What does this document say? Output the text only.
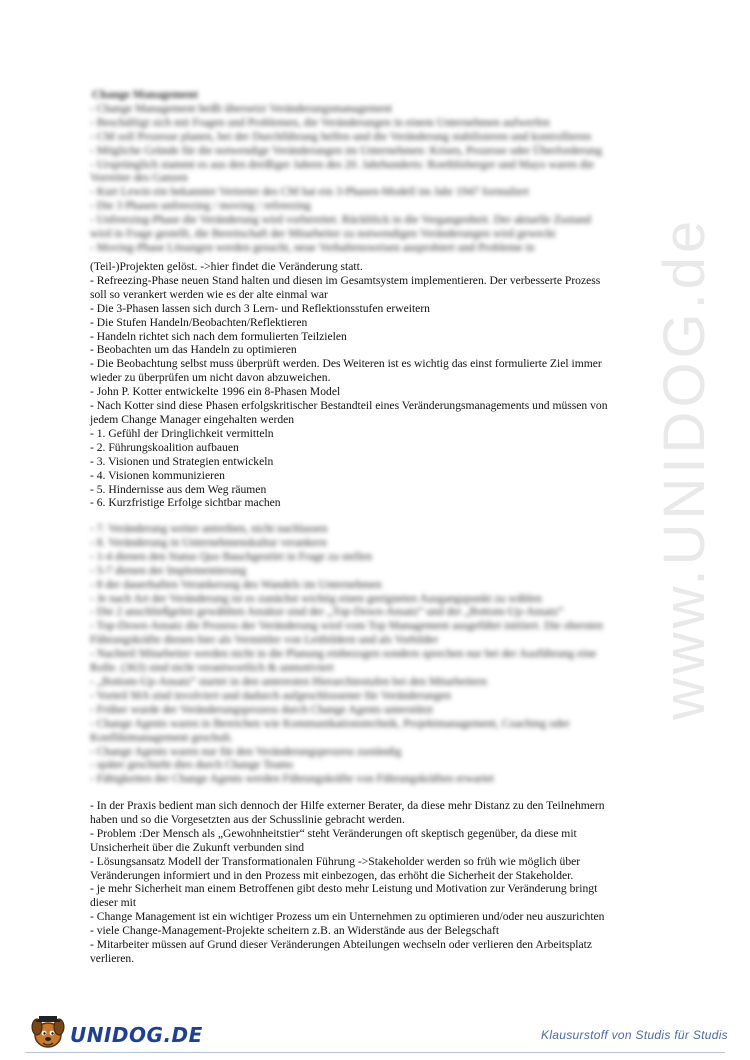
www.UNIDOG.de

Change Management

- Change Management heißt übersetzt Veränderungsmanagement

- Beschäftigt sich mit Fragen und Problemen, die Veränderungen in einem Unternehmen aufwerfen

- CM soll Prozesse planen, bei der Durchführung helfen und die Veränderung stabilisieren und kontrollieren

- Mögliche Gründe für die notwendige Veränderungen im Unternehmen: Krisen, Prozesse oder Überforderung

- Ursprünglich stammt es aus den dreißiger Jahren des 20. Jahrhunderts: Roethlisberger und Mayo waren die

Vorreiter des Ganzen

- Kurt Lewin ein bekannter Vertreter des CM hat ein 3-Phasen-Modell im Jahr 1947 formuliert

- Die 3 Phasen unfreezing / moving / refreezing

- Unfreezing-Phase die Veränderung wird vorbereitet. Rückblick in die Vergangenheit. Der aktuelle Zustand

wird in Frage gestellt, die Bereitschaft der Mitarbeiter zu notwendigen Veränderungen wird geweckt

- Moving-Phase Lösungen werden gesucht, neue Verhaltensweisen ausprobiert und Probleme in

(Teil-)Projekten gelöst. ->hier findet die Veränderung statt.

- Refreezing-Phase neuen Stand halten und diesen im Gesamtsystem implementieren. Der verbesserte Prozess

soll so verankert werden wie es der alte einmal war

- Die 3-Phasen lassen sich durch 3 Lern- und Reflektionsstufen erweitern

- Die Stufen Handeln/Beobachten/Reflektieren

- Handeln richtet sich nach dem formulierten Teilzielen

- Beobachten um das Handeln zu optimieren

- Die Beobachtung selbst muss überprüft werden. Des Weiteren ist es wichtig das einst formulierte Ziel immer

wieder zu überprüfen um nicht davon abzuweichen.

- John P. Kotter entwickelte 1996 ein 8-Phasen Model

- Nach Kotter sind diese Phasen erfolgskritischer Bestandteil eines Veränderungsmanagements und müssen von

jedem Change Manager eingehalten werden

- 1. Gefühl der Dringlichkeit vermitteln

- 2. Führungskoalition aufbauen

- 3. Visionen und Strategien entwickeln

- 4. Visionen kommunizieren

- 5. Hindernisse aus dem Weg räumen

- 6. Kurzfristige Erfolge sichtbar machen

- 7. Veränderung weiter antreiben, nicht nachlassen

- 8. Veränderung in Unternehmenskultur verankern

- 1-4 dienen den Status Quo Bauchgestört in Frage zu stellen

- 5-7 dienen der Implementierung

- 8 der dauerhaften Verankerung des Wandels im Unternehmen

- Je nach Art der Veränderung ist es zunächst wichtig einen geeigneten Ausgangspunkt zu wählen

- Die 2 anschließgelen gewählten Ansätze sind der „Top-Down-Ansatz“ und der „Bottom-Up-Ansatz“

- Top-Down-Ansatz die Prozess der Veränderung wird vom Top Management ausgeführt initiiert. Die obersten

Führungskräfte dienen hier als Vermittler von Leitbildern und als Vorbilder

- Nachteil Mitarbeiter werden nicht in die Planung einbezogen sondern sprechen nur bei der Ausführung eine

Rolle. (363) sind nicht verantwortlich & unmotiviert

- „Bottom-Up-Ansatz“ startet in den unteresten Hierarchiestufen bei den Mitarbeitern

- Vorteil MA sind involviert und dadurch aufgeschlossener für Veränderungen

- Früher wurde der Veränderungsprozess durch Change Agents unterstützt

- Change Agents waren in Bereichen wie Kommunikationstechnik, Projektmanagement, Coaching oder

Konfliktmanagement geschult.

- Change Agents waren nur für den Veränderungsprozess zuständig

- später geschieht dies durch Change Teams

- Fähigkeiten der Change Agents werden Führungskräfte von Führungskräften erwartet

- In der Praxis bedient man sich dennoch der Hilfe externer Berater, da diese mehr Distanz zu den Teilnehmern

haben und so die Vorgesetzten aus der Schusslinie gebracht werden.

- Problem :Der Mensch als „Gewohnheitstier“ steht Veränderungen oft skeptisch gegenüber, da diese mit

Unsicherheit über die Zukunft verbunden sind

- Lösungsansatz Modell der Transformationalen Führung ->Stakeholder werden so früh wie möglich über

Veränderungen informiert und in den Prozess mit einbezogen, das erhöht die Sicherheit der Stakeholder.

- je mehr Sicherheit man einem Betroffenen gibt desto mehr Leistung und Motivation zur Veränderung bringt

dieser mit

- Change Management ist ein wichtiger Prozess um ein Unternehmen zu optimieren und/oder neu auszurichten

- viele Change-Management-Projekte scheitern z.B. an Widerstände aus der Belegschaft

- Mitarbeiter müssen auf Grund dieser Veränderungen Abteilungen wechseln oder verlieren den Arbeitsplatz

verlieren.

UNIDOG.DE	Klausurstoff von Studis für Studis
